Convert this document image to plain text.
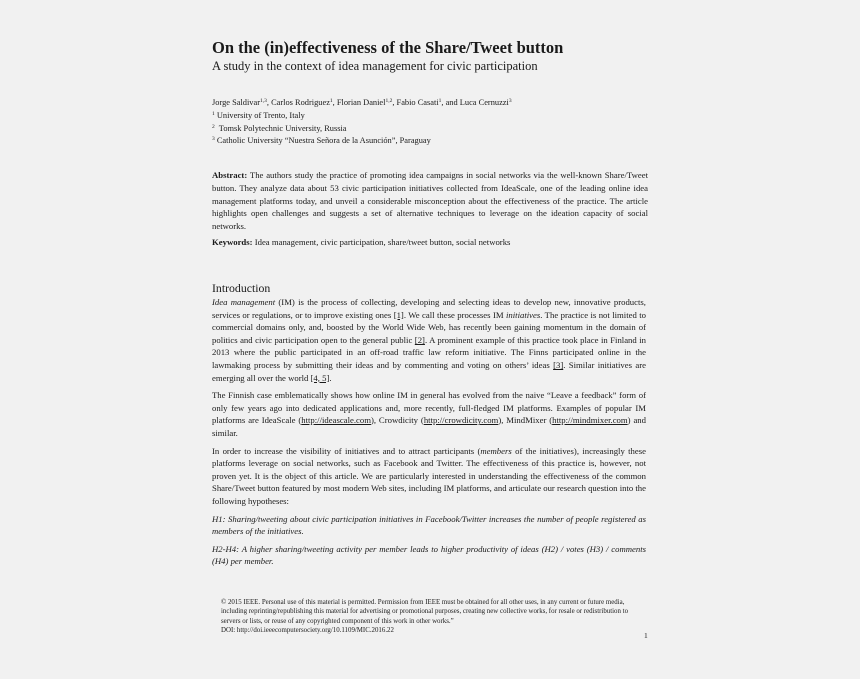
On the (in)effectiveness of the Share/Tweet button
A study in the context of idea management for civic participation
Jorge Saldivar$^{1,3}$, Carlos Rodriguez$^1$, Florian Daniel$^{1,2}$, Fabio Casati$^1$, and Luca Cernuzzi$^3$
$^1$ University of Trento, Italy
$^2$  Tomsk Polytechnic University, Russia
$^3$ Catholic University “Nuestra Señora de la Asunción”, Paraguay
Abstract: The authors study the practice of promoting idea campaigns in social networks via the well-known Share/Tweet button. They analyze data about 53 civic participation initiatives collected from IdeaScale, one of the leading online idea management platforms today, and unveil a considerable misconception about the effectiveness of the practice. The article highlights open challenges and suggests a set of alternative techniques to leverage on the ideation capacity of social networks.
Keywords: Idea management, civic participation, share/tweet button, social networks
Introduction

Idea management (IM) is the process of collecting, developing and selecting ideas to develop new, innovative products, services or regulations, or to improve existing ones [1]. We call these processes IM initiatives. The practice is not limited to commercial domains only, and, boosted by the World Wide Web, has recently been gaining momentum in the domain of politics and civic participation open to the general public [2]. A prominent example of this practice took place in Finland in 2013 where the public participated in an off-road traffic law reform initiative. The Finns participated online in the lawmaking process by submitting their ideas and by commenting and voting on others’ ideas [3]. Similar initiatives are emerging all over the world [4, 5].

The Finnish case emblematically shows how online IM in general has evolved from the naive “Leave a feedback” form of only few years ago into dedicated applications and, more recently, full-fledged IM platforms. Examples of popular IM platforms are IdeaScale (http://ideascale.com), Crowdicity (http://crowdicity.com), MindMixer (http://mindmixer.com) and similar.

In order to increase the visibility of initiatives and to attract participants (members of the initiatives), increasingly these platforms leverage on social networks, such as Facebook and Twitter. The effectiveness of this practice is, however, not proven yet. It is the object of this article. We are particularly interested in understanding the effectiveness of the common Share/Tweet button featured by most modern Web sites, including IM platforms, and articulate our research question into the following hypotheses:

H1: Sharing/tweeting about civic participation initiatives in Facebook/Twitter increases the number of people registered as members of the initiatives.

H2-H4: A higher sharing/tweeting activity per member leads to higher productivity of ideas (H2) / votes (H3) / comments (H4) per member.

© 2015 IEEE. Personal use of this material is permitted. Permission from IEEE must be obtained for all other uses, in any current or future media, including reprinting/republishing this material for advertising or promotional purposes, creating new collective works, for resale or redistribution to servers or lists, or reuse of any copyrighted component of this work in other works.”
DOI: http://doi.ieeecomputersociety.org/10.1109/MIC.2016.22
1
